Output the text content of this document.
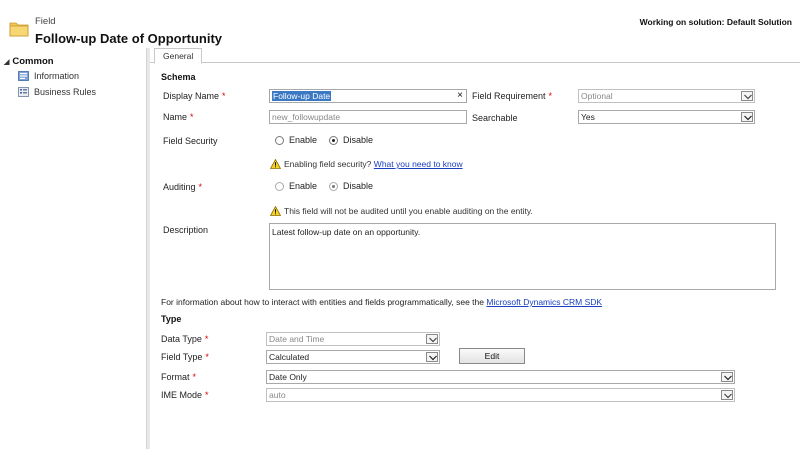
Field
Follow-up Date of Opportunity
Working on solution: Default Solution
◢ Common
Information
Business Rules
General
Schema
Display Name *	Follow-up Date	× Field Requirement *	Optional
Name *	new_followupdate	Searchable	Yes
Field Security	Enable	Disable
Enabling field security?
What you need to know
Auditing *	Enable	Disable
This field will not be audited until you enable auditing on the entity.
Description	Latest follow-up date on an opportunity.
For information about how to interact with entities and fields programmatically, see the Microsoft Dynamics CRM SDK
Type
Data Type *	Date and Time
Field Type *	Calculated	Edit
Format *	Date Only
IME Mode *	auto
